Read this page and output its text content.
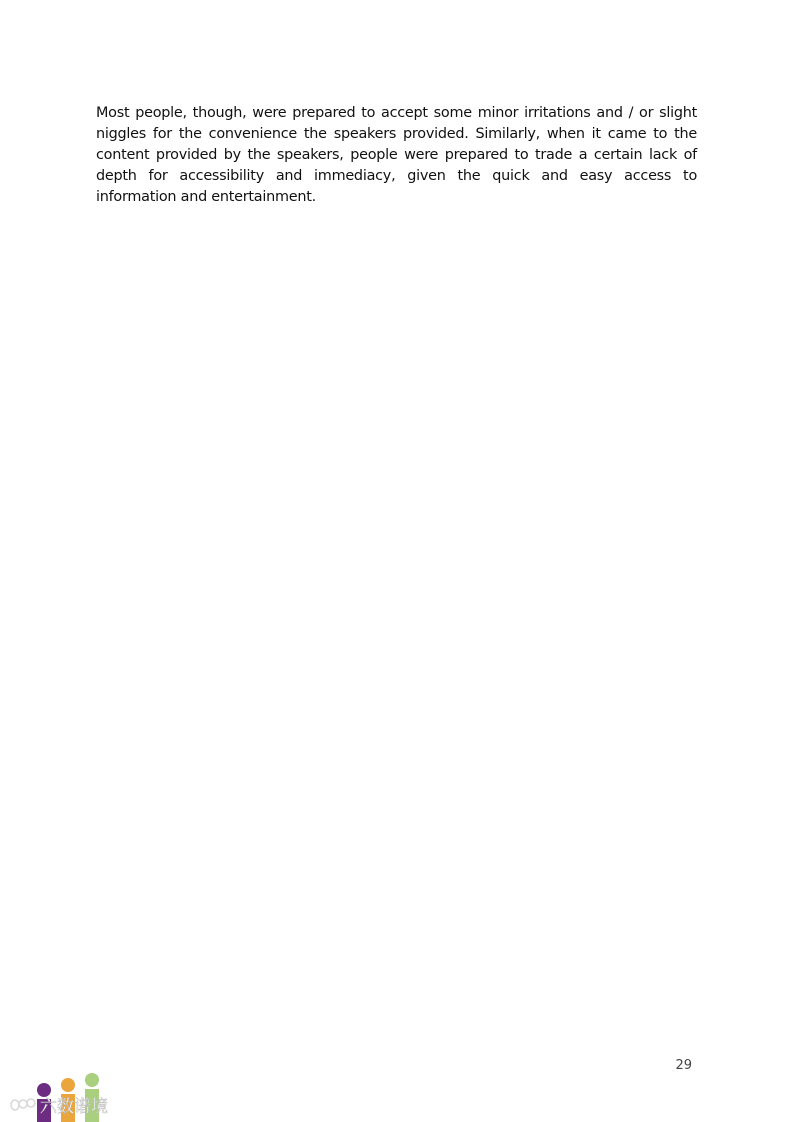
Most people, though, were prepared to accept some minor irritations and / or slight niggles for the convenience the speakers provided. Similarly, when it came to the content provided by the speakers, people were prepared to trade a certain lack of depth for accessibility and immediacy, given the quick and easy access to information and entertainment.

29
六数谱境
